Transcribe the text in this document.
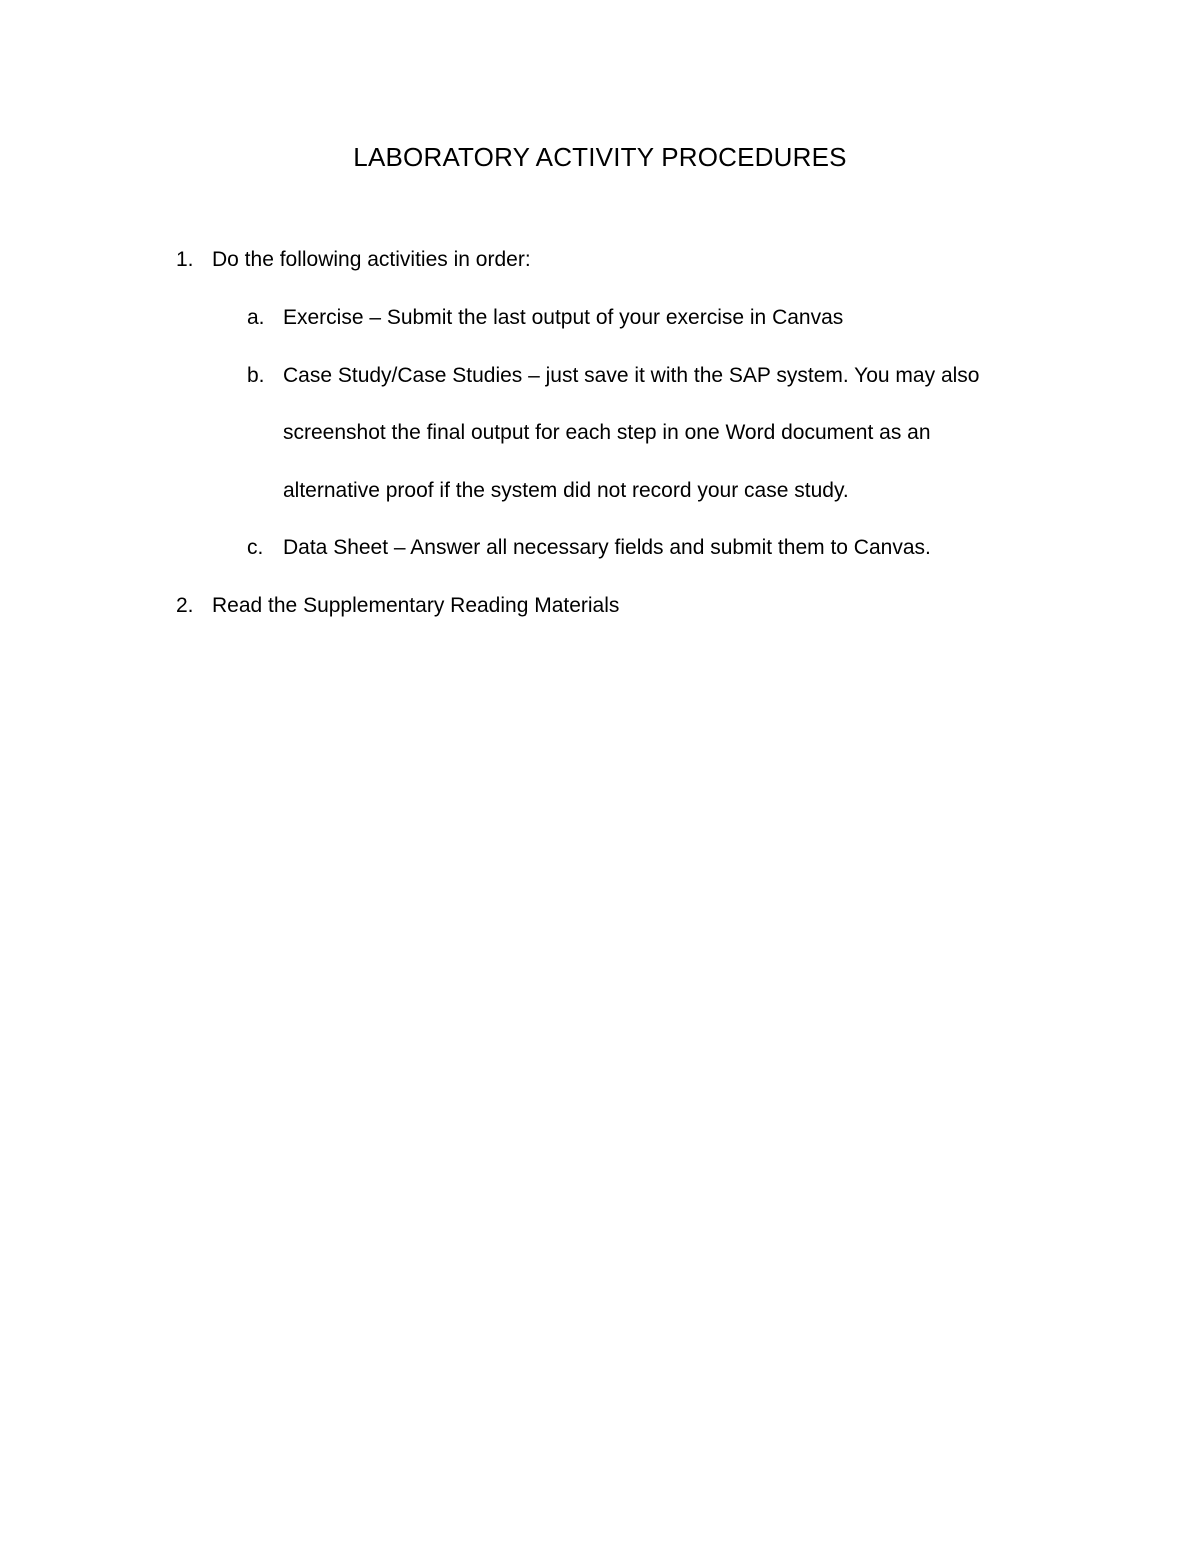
LABORATORY ACTIVITY PROCEDURES
1. Do the following activities in order:
a. Exercise – Submit the last output of your exercise in Canvas
b. Case Study/Case Studies – just save it with the SAP system. You may also
screenshot the final output for each step in one Word document as an
alternative proof if the system did not record your case study.
c. Data Sheet – Answer all necessary fields and submit them to Canvas.
2. Read the Supplementary Reading Materials
